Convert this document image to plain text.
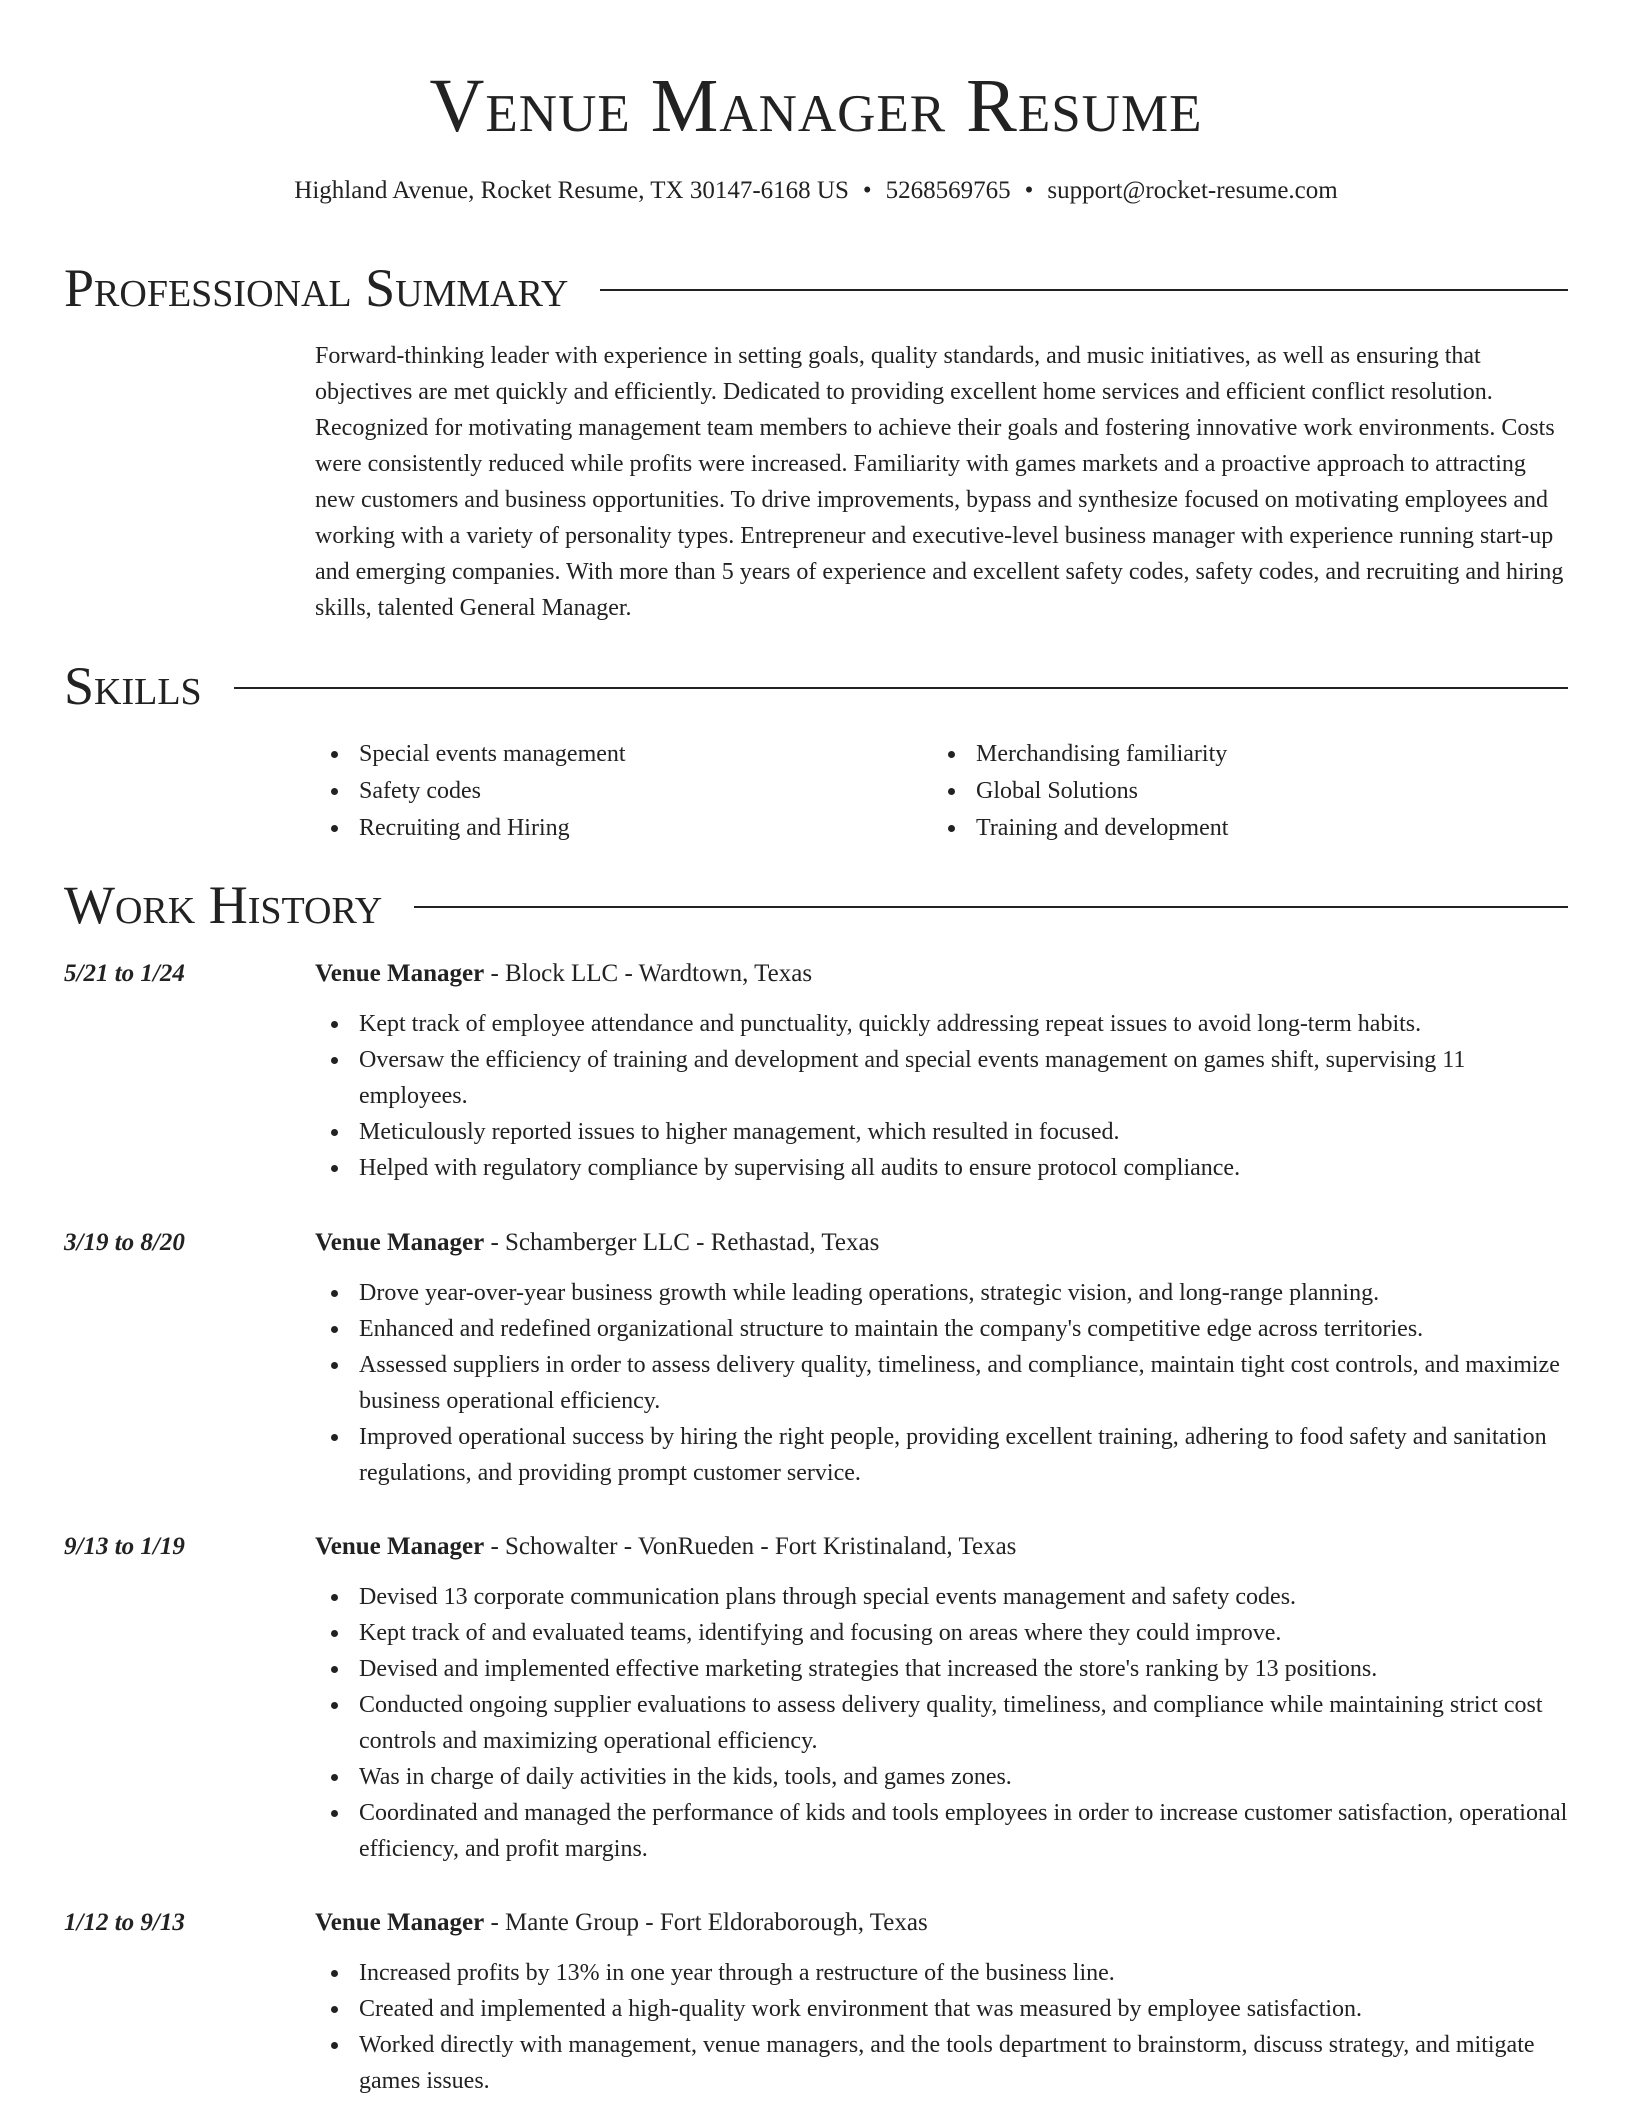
Venue Manager Resume
Highland Avenue, Rocket Resume, TX 30147-6168 US • 5268569765 • support@rocket-resume.com
Professional Summary

Forward-thinking leader with experience in setting goals, quality standards, and music initiatives, as well as ensuring that objectives are met quickly and efficiently. Dedicated to providing excellent home services and efficient conflict resolution. Recognized for motivating management team members to achieve their goals and fostering innovative work environments. Costs were consistently reduced while profits were increased. Familiarity with games markets and a proactive approach to attracting new customers and business opportunities. To drive improvements, bypass and synthesize focused on motivating employees and working with a variety of personality types. Entrepreneur and executive-level business manager with experience running start-up and emerging companies. With more than 5 years of experience and excellent safety codes, safety codes, and recruiting and hiring skills, talented General Manager.

Skills
Special events management
Safety codes
Recruiting and Hiring
Merchandising familiarity
Global Solutions
Training and development
Work History
5/21 to 1/24	Venue Manager - Block LLC - Wardtown, Texas
Kept track of employee attendance and punctuality, quickly addressing repeat issues to avoid long-term habits.
Oversaw the efficiency of training and development and special events management on games shift, supervising 11 employees.
Meticulously reported issues to higher management, which resulted in focused.
Helped with regulatory compliance by supervising all audits to ensure protocol compliance.
3/19 to 8/20	Venue Manager - Schamberger LLC - Rethastad, Texas
Drove year-over-year business growth while leading operations, strategic vision, and long-range planning.
Enhanced and redefined organizational structure to maintain the company's competitive edge across territories.
Assessed suppliers in order to assess delivery quality, timeliness, and compliance, maintain tight cost controls, and maximize business operational efficiency.
Improved operational success by hiring the right people, providing excellent training, adhering to food safety and sanitation regulations, and providing prompt customer service.
9/13 to 1/19	Venue Manager - Schowalter - VonRueden - Fort Kristinaland, Texas
Devised 13 corporate communication plans through special events management and safety codes.
Kept track of and evaluated teams, identifying and focusing on areas where they could improve.
Devised and implemented effective marketing strategies that increased the store's ranking by 13 positions.
Conducted ongoing supplier evaluations to assess delivery quality, timeliness, and compliance while maintaining strict cost controls and maximizing operational efficiency.
Was in charge of daily activities in the kids, tools, and games zones.
Coordinated and managed the performance of kids and tools employees in order to increase customer satisfaction, operational efficiency, and profit margins.
1/12 to 9/13	Venue Manager - Mante Group - Fort Eldoraborough, Texas
Increased profits by 13% in one year through a restructure of the business line.
Created and implemented a high-quality work environment that was measured by employee satisfaction.
Worked directly with management, venue managers, and the tools department to brainstorm, discuss strategy, and mitigate games issues.
